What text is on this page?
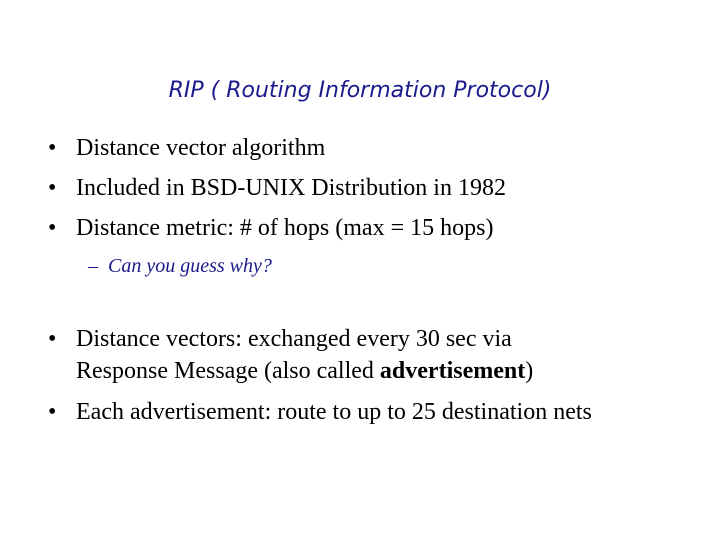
RIP ( Routing Information Protocol)
• Distance vector algorithm
• Included in BSD-UNIX Distribution in 1982
• Distance metric: # of hops (max = 15 hops)
– Can you guess why?
• Distance vectors: exchanged every 30 sec via
Response Message (also called advertisement)
• Each advertisement: route to up to 25 destination nets
